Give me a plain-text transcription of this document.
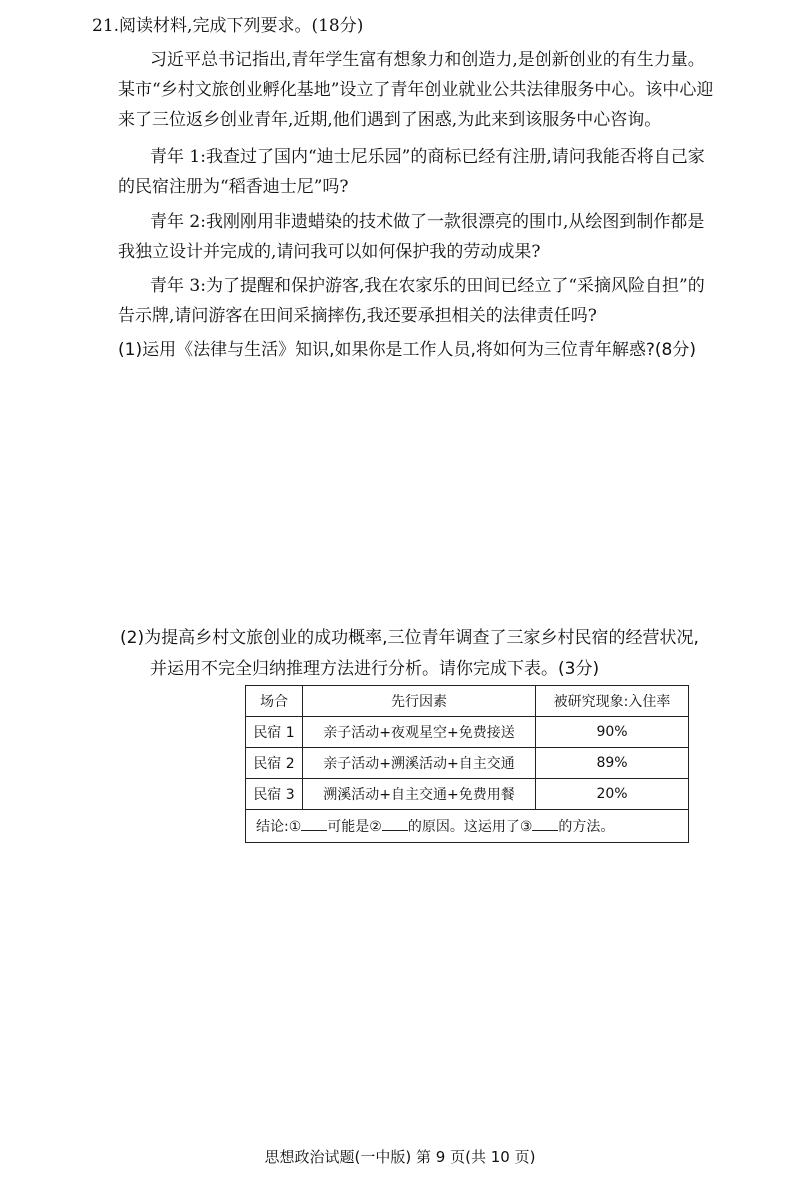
21.阅读材料,完成下列要求。(18分)
习近平总书记指出,青年学生富有想象力和创造力,是创新创业的有生力量。
某市“乡村文旅创业孵化基地”设立了青年创业就业公共法律服务中心。该中心迎
来了三位返乡创业青年,近期,他们遇到了困惑,为此来到该服务中心咨询。
青年 1:我查过了国内“迪士尼乐园”的商标已经有注册,请问我能否将自己家
的民宿注册为“稻香迪士尼”吗?
青年 2:我刚刚用非遗蜡染的技术做了一款很漂亮的围巾,从绘图到制作都是
我独立设计并完成的,请问我可以如何保护我的劳动成果?
青年 3:为了提醒和保护游客,我在农家乐的田间已经立了“采摘风险自担”的
告示牌,请问游客在田间采摘摔伤,我还要承担相关的法律责任吗?
(1)运用《法律与生活》知识,如果你是工作人员,将如何为三位青年解惑?(8分)
(2)为提高乡村文旅创业的成功概率,三位青年调查了三家乡村民宿的经营状况,
并运用不完全归纳推理方法进行分析。请你完成下表。(3分)
场合	先行因素	被研究现象:入住率
民宿 1	亲子活动+夜观星空+免费接送	90%
民宿 2	亲子活动+溯溪活动+自主交通	89%
民宿 3	溯溪活动+自主交通+免费用餐	20%
结论:① 可能是② 的原因。这运用了③ 的方法。		
思想政治试题(一中版) 第 9 页(共 10 页)
